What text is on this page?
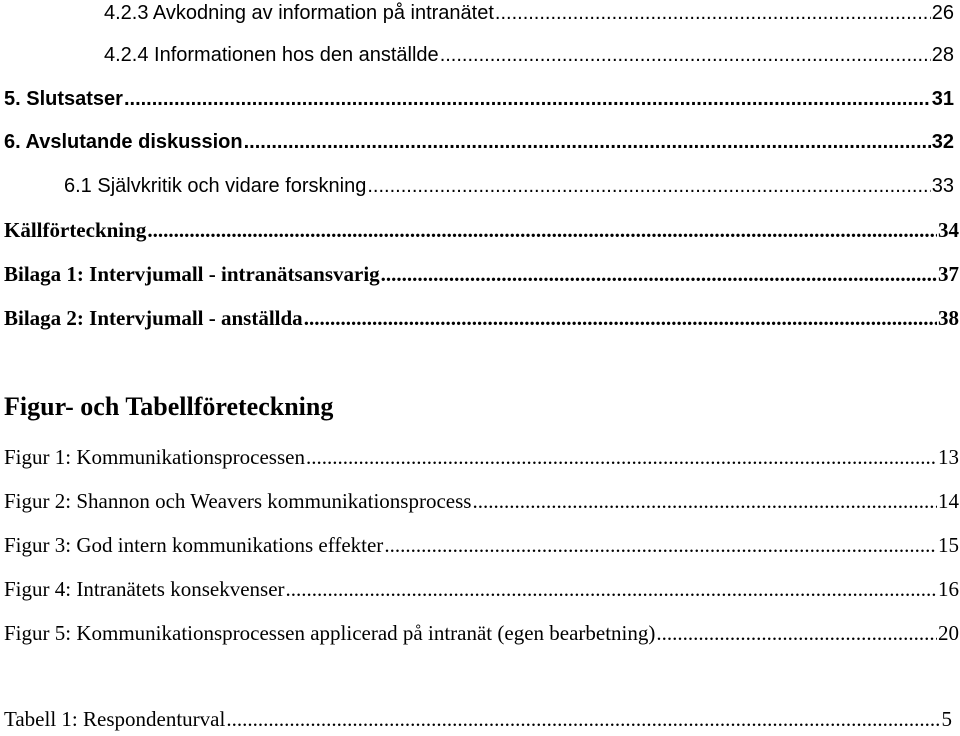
4.2.3 Avkodning av information på intranätet .....	26
4.2.4 Informationen hos den anställde .....	28
5. Slutsatser .....	31
6. Avslutande diskussion .....	32
6.1 Självkritik och vidare forskning .....	33
Källförteckning .....	34
Bilaga 1: Intervjumall - intranätsansvarig .....	37
Bilaga 2: Intervjumall - anställda .....	38
Figur- och Tabellföreteckning
Figur 1: Kommunikationsprocessen .....	13
Figur 2: Shannon och Weavers kommunikationsprocess .....	14
Figur 3: God intern kommunikations effekter .....	15
Figur 4: Intranätets konsekvenser .....	16
Figur 5: Kommunikationsprocessen applicerad på intranät (egen bearbetning) .....	20
Tabell 1: Respondenturval .....	5
